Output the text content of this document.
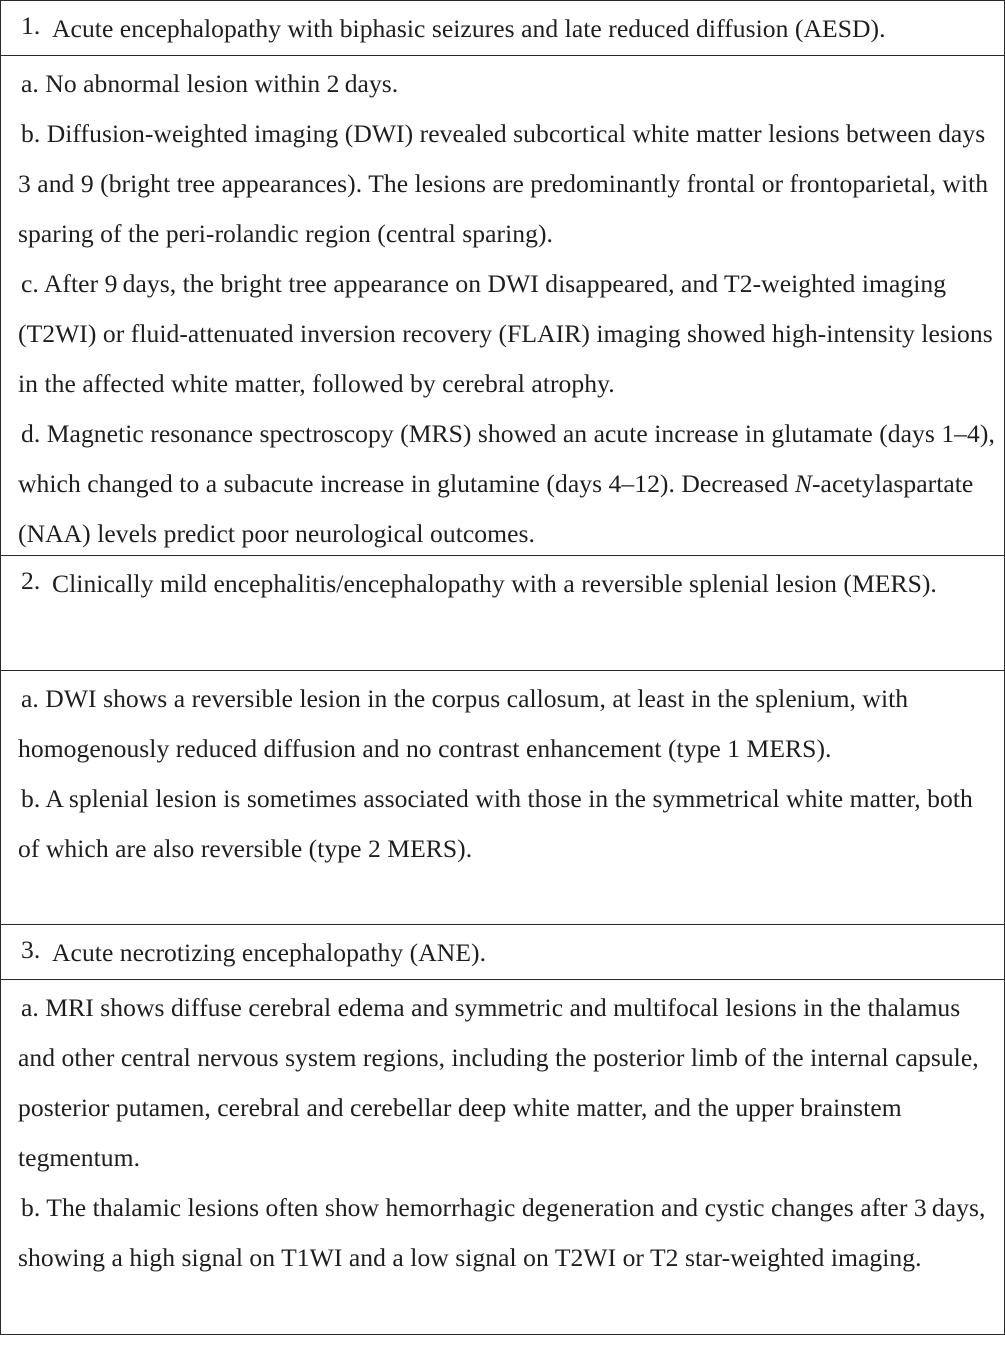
1. Acute encephalopathy with biphasic seizures and late reduced diffusion (AESD).
a. No abnormal lesion within 2 days.
b. Diffusion-weighted imaging (DWI) revealed subcortical white matter lesions between days 3 and 9 (bright tree appearances). The lesions are predominantly frontal or frontoparietal, with sparing of the peri-rolandic region (central sparing).
c. After 9 days, the bright tree appearance on DWI disappeared, and T2-weighted imaging (T2WI) or fluid-attenuated inversion recovery (FLAIR) imaging showed high-intensity lesions in the affected white matter, followed by cerebral atrophy.
d. Magnetic resonance spectroscopy (MRS) showed an acute increase in glutamate (days 1–4), which changed to a subacute increase in glutamine (days 4–12). Decreased N-acetylaspartate (NAA) levels predict poor neurological outcomes.
2. Clinically mild encephalitis/encephalopathy with a reversible splenial lesion (MERS).
a. DWI shows a reversible lesion in the corpus callosum, at least in the splenium, with homogenously reduced diffusion and no contrast enhancement (type 1 MERS).
b. A splenial lesion is sometimes associated with those in the symmetrical white matter, both of which are also reversible (type 2 MERS).
3. Acute necrotizing encephalopathy (ANE).
a. MRI shows diffuse cerebral edema and symmetric and multifocal lesions in the thalamus and other central nervous system regions, including the posterior limb of the internal capsule, posterior putamen, cerebral and cerebellar deep white matter, and the upper brainstem tegmentum.
b. The thalamic lesions often show hemorrhagic degeneration and cystic changes after 3 days, showing a high signal on T1WI and a low signal on T2WI or T2 star-weighted imaging.
